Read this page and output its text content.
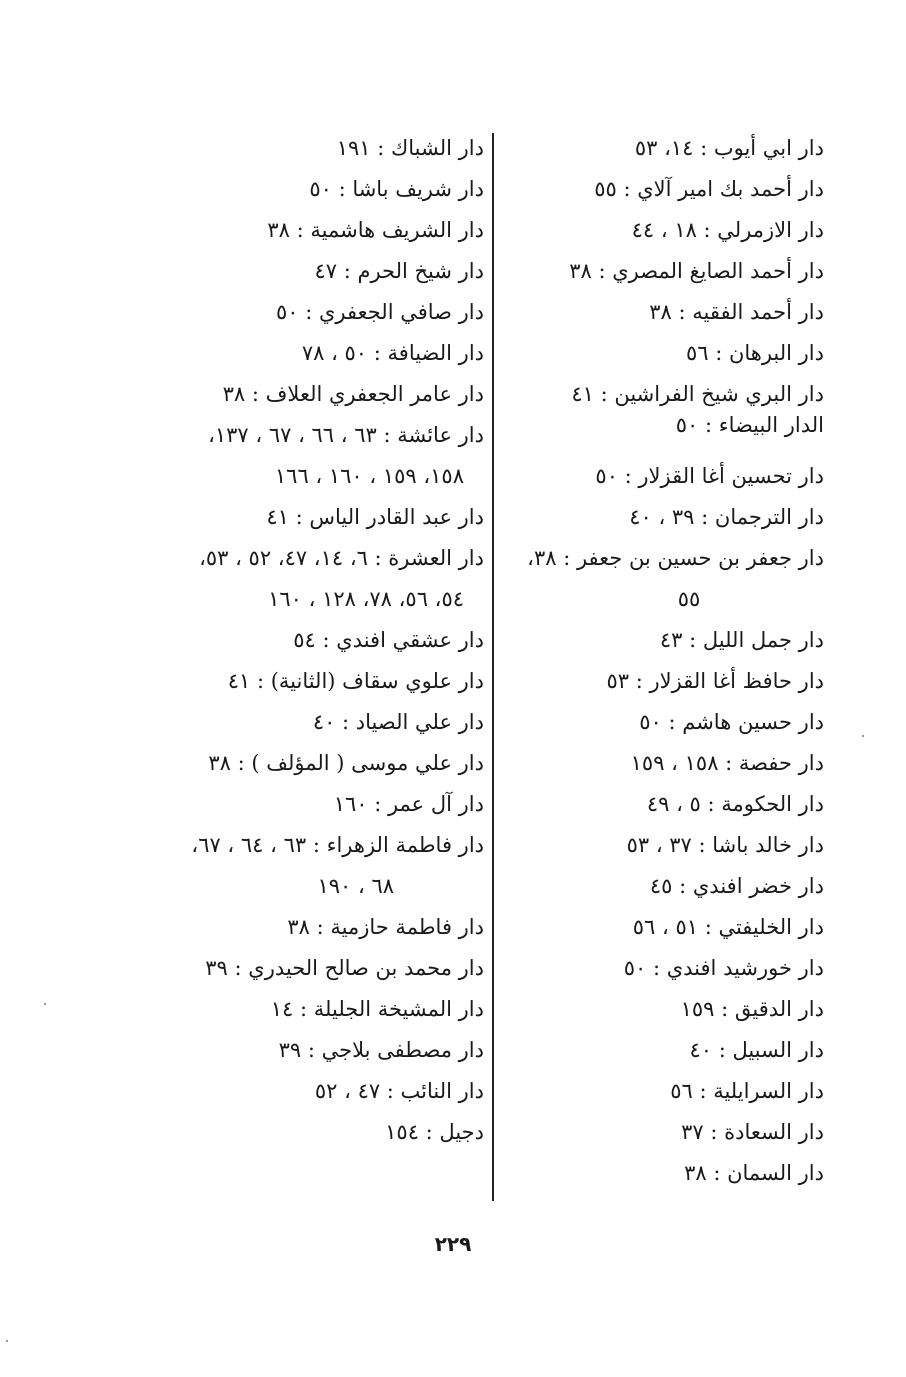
دار ابي أيوب : ١٤، ٥٣
دار أحمد بك امير آلاي : ٥٥
دار الازمرلي : ١٨ ، ٤٤
دار أحمد الصايغ المصري : ٣٨
دار أحمد الفقيه : ٣٨
دار البرهان : ٥٦
دار البري شيخ الفراشين : ٤١
الدار البيضاء : ٥٠
دار تحسين أغا القزلار : ٥٠
دار الترجمان : ٣٩ ، ٤٠
دار جعفر بن حسين بن جعفر : ٣٨،
٥٥
دار جمل الليل : ٤٣
دار حافظ أغا القزلار : ٥٣
دار حسين هاشم : ٥٠
دار حفصة : ١٥٨ ، ١٥٩
دار الحكومة : ٥ ، ٤٩
دار خالد باشا : ٣٧ ، ٥٣
دار خضر افندي : ٤٥
دار الخليفتي : ٥١ ، ٥٦
دار خورشيد افندي : ٥٠
دار الدقيق : ١٥٩
دار السبيل : ٤٠
دار السرايلية : ٥٦
دار السعادة : ٣٧
دار السمان : ٣٨
دار الشباك : ١٩١
دار شريف باشا : ٥٠
دار الشريف هاشمية : ٣٨
دار شيخ الحرم : ٤٧
دار صافي الجعفري : ٥٠
دار الضيافة : ٥٠ ، ٧٨
دار عامر الجعفري العلاف : ٣٨
دار عائشة : ٦٣ ، ٦٦ ، ٦٧ ، ١٣٧،
١٥٨، ١٥٩ ، ١٦٠ ، ١٦٦
دار عبد القادر الياس : ٤١
دار العشرة : ٦، ١٤، ٤٧، ٥٢ ، ٥٣،
٥٤، ٥٦، ٧٨، ١٢٨ ، ١٦٠
دار عشقي افندي : ٥٤
دار علوي سقاف (الثانية) : ٤١
دار علي الصياد : ٤٠
دار علي موسى ( المؤلف ) : ٣٨
دار آل عمر : ١٦٠
دار فاطمة الزهراء : ٦٣ ، ٦٤ ، ٦٧،
٦٨ ، ١٩٠
دار فاطمة حازمية : ٣٨
دار محمد بن صالح الحيدري : ٣٩
دار المشيخة الجليلة : ١٤
دار مصطفى بلاجي : ٣٩
دار النائب : ٤٧ ، ٥٢
دجيل : ١٥٤
٢٢٩
